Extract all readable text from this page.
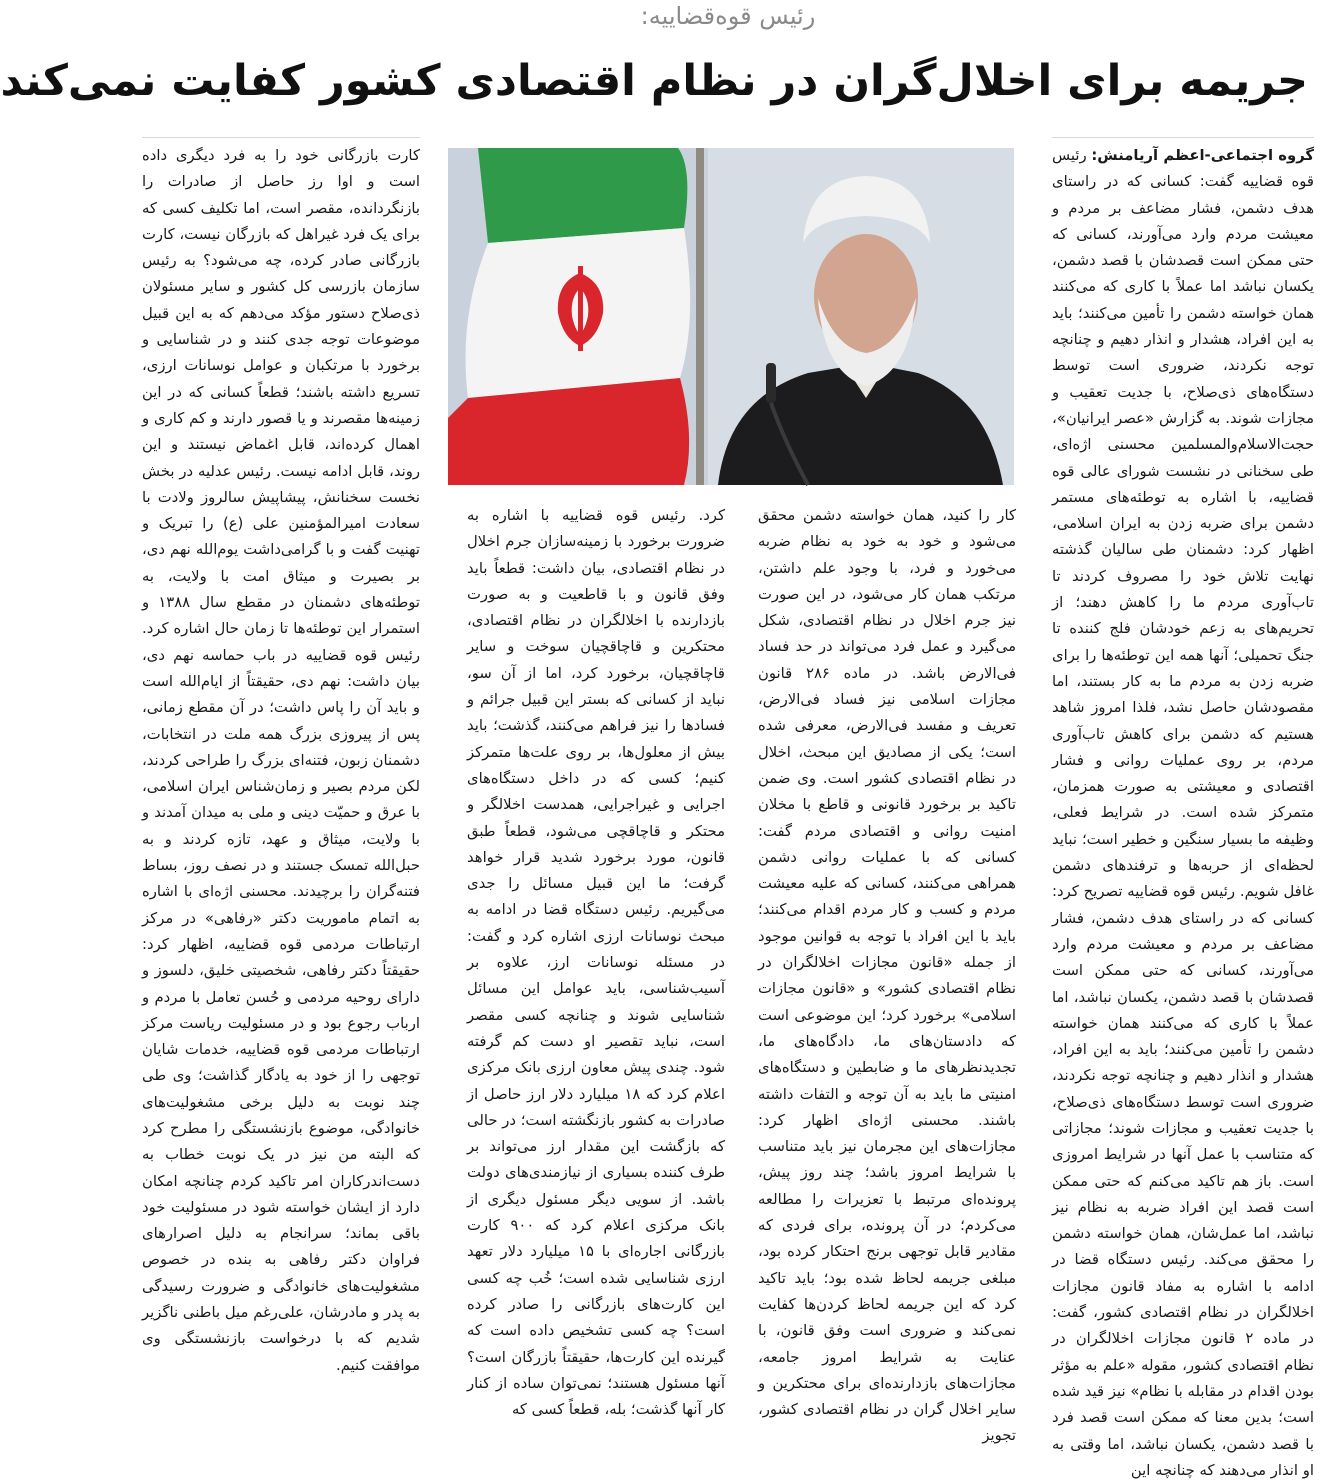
رئیس قوه‌قضاییه:
جریمه برای اخلال‌گران در نظام اقتصادی کشور کفایت نمی‌کند

گروه اجتماعی-اعظم آریامنش: رئیس قوه قضاییه گفت: کسانی که در راستای هدف دشمن، فشار مضاعف بر مردم و معیشت مردم وارد می‌آورند، کسانی که حتی ممکن است قصدشان با قصد دشمن، یکسان نباشد اما عملاً با کاری که می‌کنند همان خواسته دشمن را تأمین می‌کنند؛ باید به این افراد، هشدار و انذار دهیم و چنانچه توجه نکردند، ضروری است توسط دستگاه‌های ذی‌صلاح، با جدیت تعقیب و مجازات شوند. به گزارش «عصر ایرانیان»، حجت‌الاسلام‌والمسلمین محسنی اژه‌ای، طی سخنانی در نشست شورای عالی قوه قضاییه، با اشاره به توطئه‌های مستمر دشمن برای ضربه زدن به ایران اسلامی، اظهار کرد: دشمنان طی سالیان گذشته نهایت تلاش خود را مصروف کردند تا تاب‌آوری مردم ما را کاهش دهند؛ از تحریم‌های به زعم خودشان فلج کننده تا جنگ تحمیلی؛ آنها همه این توطئه‌ها را برای ضربه زدن به مردم ما به کار بستند، اما مقصودشان حاصل نشد، فلذا امروز شاهد هستیم که دشمن برای کاهش تاب‌آوری مردم، بر روی عملیات روانی و فشار اقتصادی و معیشتی به صورت همزمان، متمرکز شده است. در شرایط فعلی، وظیفه ما بسیار سنگین و خطیر است؛ نباید لحظه‌ای از حربه‌ها و ترفندهای دشمن غافل شویم. رئیس قوه قضاییه تصریح کرد: کسانی که در راستای هدف دشمن، فشار مضاعف بر مردم و معیشت مردم وارد می‌آورند، کسانی که حتی ممکن است قصدشان با قصد دشمن، یکسان نباشد، اما عملاً با کاری که می‌کنند همان خواسته دشمن را تأمین می‌کنند؛ باید به این افراد، هشدار و انذار دهیم و چنانچه توجه نکردند، ضروری است توسط دستگاه‌های ذی‌صلاح، با جدیت تعقیب و مجازات شوند؛ مجازاتی که متناسب با عمل آنها در شرایط امروزی است. باز هم تاکید می‌کنم که حتی ممکن است قصد این افراد ضربه به نظام نیز نباشد، اما عمل‌شان، همان خواسته دشمن را محقق می‌کند. رئیس دستگاه قضا در ادامه با اشاره به مفاد قانون مجازات اخلالگران در نظام اقتصادی کشور، گفت: در ماده ۲ قانون مجازات اخلالگران در نظام اقتصادی کشور، مقوله «علم به مؤثر بودن اقدام در مقابله با نظام» نیز قید شده است؛ بدین معنا که ممکن است قصد فرد با قصد دشمن، یکسان نباشد، اما وقتی به او انذار می‌دهند که چنانچه این

کار را کنید، همان خواسته دشمن محقق می‌شود و خود به خود به نظام ضربه می‌خورد و فرد، با وجود علم داشتن، مرتکب همان کار می‌شود، در این صورت نیز جرم اخلال در نظام اقتصادی، شکل می‌گیرد و عمل فرد می‌تواند در حد فساد فی‌الارض باشد. در ماده ۲۸۶ قانون مجازات اسلامی نیز فساد فی‌الارض، تعریف و مفسد فی‌الارض، معرفی شده است؛ یکی از مصادیق این مبحث، اخلال در نظام اقتصادی کشور است. وی ضمن تاکید بر برخورد قانونی و قاطع با مخلان امنیت روانی و اقتصادی مردم گفت: کسانی که با عملیات روانی دشمن همراهی می‌کنند، کسانی که علیه معیشت مردم و کسب و کار مردم اقدام می‌کنند؛ باید با این افراد با توجه به قوانین موجود از جمله «قانون مجازات اخلالگران در نظام اقتصادی کشور» و «قانون مجازات اسلامی» برخورد کرد؛ این موضوعی است که دادستان‌های ما، دادگاه‌های ما، تجدیدنظرهای ما و ضابطین و دستگاه‌های امنیتی ما باید به آن توجه و التفات داشته باشند. محسنی اژه‌ای اظهار کرد: مجازات‌های این مجرمان نیز باید متناسب با شرایط امروز باشد؛ چند روز پیش، پرونده‌ای مرتبط با تعزیرات را مطالعه می‌کردم؛ در آن پرونده، برای فردی که مقادیر قابل توجهی برنج احتکار کرده بود، مبلغی جریمه لحاظ شده بود؛ باید تاکید کرد که این جریمه لحاظ کردن‌ها کفایت نمی‌کند و ضروری است وفق قانون، با عنایت به شرایط امروز جامعه، مجازات‌های بازدارنده‌ای برای محتکرین و سایر اخلال گران در نظام اقتصادی کشور، تجویز

کرد. رئیس قوه قضاییه با اشاره به ضرورت برخورد با زمینه‌سازان جرم اخلال در نظام اقتصادی، بیان داشت: قطعاً باید وفق قانون و با قاطعیت و به صورت بازدارنده با اخلالگران در نظام اقتصادی، محتکرین و قاچاقچیان سوخت و سایر قاچاقچیان، برخورد کرد، اما از آن سو، نباید از کسانی که بستر این قبیل جرائم و فسادها را نیز فراهم می‌کنند، گذشت؛ باید بیش از معلول‌ها، بر روی علت‌ها متمرکز کنیم؛ کسی که در داخل دستگاه‌های اجرایی و غیراجرایی، همدست اخلالگر و محتکر و قاچاقچی می‌شود، قطعاً طبق قانون، مورد برخورد شدید قرار خواهد گرفت؛ ما این قبیل مسائل را جدی می‌گیریم. رئیس دستگاه قضا در ادامه به مبحث نوسانات ارزی اشاره کرد و گفت: در مسئله نوسانات ارز، علاوه بر آسیب‌شناسی، باید عوامل این مسائل شناسایی شوند و چنانچه کسی مقصر است، نباید تقصیر او دست کم گرفته شود. چندی پیش معاون ارزی بانک مرکزی اعلام کرد که ۱۸ میلیارد دلار ارز حاصل از صادرات به کشور بازنگشته است؛ در حالی که بازگشت این مقدار ارز می‌تواند بر طرف کننده بسیاری از نیازمندی‌های دولت باشد. از سویی دیگر مسئول دیگری از بانک مرکزی اعلام کرد که ۹۰۰ کارت بازرگانی اجاره‌ای با ۱۵ میلیارد دلار تعهد ارزی شناسایی شده است؛ خُب چه کسی این کارت‌های بازرگانی را صادر کرده است؟ چه کسی تشخیص داده است که گیرنده این کارت‌ها، حقیقتاً بازرگان است؟ آنها مسئول هستند؛ نمی‌توان ساده از کنار کار آنها گذشت؛ بله، قطعاً کسی که

کارت بازرگانی خود را به فرد دیگری داده است و اوا رز حاصل از صادرات را بازنگردانده، مقصر است، اما تکلیف کسی که برای یک فرد غیراهل که بازرگان نیست، کارت بازرگانی صادر کرده، چه می‌شود؟ به رئیس سازمان بازرسی کل کشور و سایر مسئولان ذی‌صلاح دستور مؤکد می‌دهم که به این قبیل موضوعات توجه جدی کنند و در شناسایی و برخورد با مرتکبان و عوامل نوسانات ارزی، تسریع داشته باشند؛ قطعاً کسانی که در این زمینه‌ها مقصرند و یا قصور دارند و کم کاری و اهمال کرده‌اند، قابل اغماض نیستند و این روند، قابل ادامه نیست. رئیس عدلیه در بخش نخست سخنانش، پیشاپیش سالروز ولادت با سعادت امیرالمؤمنین علی (ع) را تبریک و تهنیت گفت و با گرامی‌داشت یوم‌الله نهم دی، بر بصیرت و میثاق امت با ولایت، به توطئه‌های دشمنان در مقطع سال ۱۳۸۸ و استمرار این توطئه‌ها تا زمان حال اشاره کرد. رئیس قوه قضاییه در باب حماسه نهم دی، بیان داشت: نهم دی، حقیقتاً از ایام‌الله است و باید آن را پاس داشت؛ در آن مقطع زمانی، پس از پیروزی بزرگ همه ملت در انتخابات، دشمنان زبون، فتنه‌ای بزرگ را طراحی کردند، لکن مردم بصیر و زمان‌شناس ایران اسلامی، با عرق و حمیّت دینی و ملی به میدان آمدند و با ولایت، میثاق و عهد، تازه کردند و به حبل‌الله تمسک جستند و در نصف روز، بساط فتنه‌گران را برچیدند. محسنی اژه‌ای با اشاره به اتمام ماموریت دکتر «رفاهی» در مرکز ارتباطات مردمی قوه قضاییه، اظهار کرد: حقیقتاً دکتر رفاهی، شخصیتی خلیق، دلسوز و دارای روحیه مردمی و حُسن تعامل با مردم و ارباب رجوع بود و در مسئولیت ریاست مرکز ارتباطات مردمی قوه قضاییه، خدمات شایان توجهی را از خود به یادگار گذاشت؛ وی طی چند نوبت به دلیل برخی مشغولیت‌های خانوادگی، موضوع بازنشستگی را مطرح کرد که البته من نیز در یک نوبت خطاب به دست‌اندرکاران امر تاکید کردم چنانچه امکان دارد از ایشان خواسته شود در مسئولیت خود باقی بماند؛ سرانجام به دلیل اصرارهای فراوان دکتر رفاهی به بنده در خصوص مشغولیت‌های خانوادگی و ضرورت رسیدگی به پدر و مادرشان، علی‌رغم میل باطنی ناگزیر شدیم که با درخواست بازنشستگی وی موافقت کنیم.
